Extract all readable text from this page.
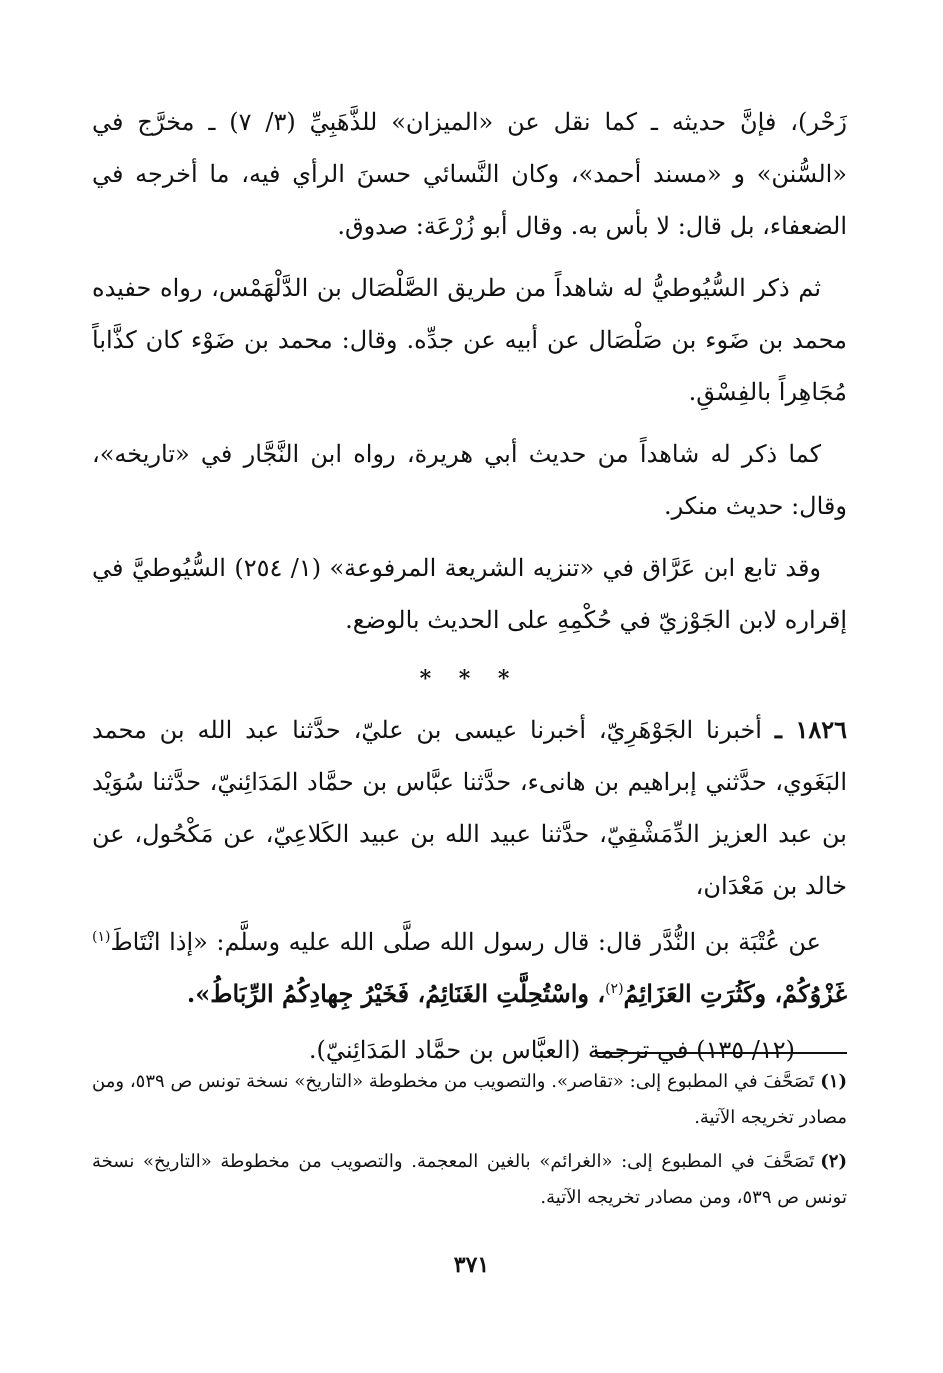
زَحْر)، فإنَّ حديثه ـ كما نقل عن «الميزان» للذَّهَبِيِّ (٣/ ٧) ـ مخرَّج في «السُّنن» و «مسند أحمد»، وكان النَّسائي حسنَ الرأي فيه، ما أخرجه في الضعفاء، بل قال: لا بأس به. وقال أبو زُرْعَة: صدوق.

ثم ذكر السُّيُوطيُّ له شاهداً من طريق الصَّلْصَال بن الدَّلْهَمْس، رواه حفيده محمد بن ضَوء بن صَلْصَال عن أبيه عن جدِّه. وقال: محمد بن ضَوْء كان كذَّاباً مُجَاهِراً بالفِسْقِ.

كما ذكر له شاهداً من حديث أبي هريرة، رواه ابن النَّجَّار في «تاريخه»، وقال: حديث منكر.

وقد تابع ابن عَرَّاق في «تنزيه الشريعة المرفوعة» (١/ ٢٥٤) السُّيُوطيَّ في إقراره لابن الجَوْزيّ في حُكْمِهِ على الحديث بالوضع.

* * *

١٨٢٦ ـ أخبرنا الجَوْهَرِيّ، أخبرنا عيسى بن عليّ، حدَّثنا عبد الله بن محمد البَغَوي، حدَّثني إبراهيم بن هانىء، حدَّثنا عبَّاس بن حمَّاد المَدَائِنيّ، حدَّثنا سُوَيْد بن عبد العزيز الدِّمَشْقِيّ، حدَّثنا عبيد الله بن عبيد الكَلاعِيّ، عن مَكْحُول، عن خالد بن مَعْدَان،

عن عُتْبَة بن النُّدَّر قال: قال رسول الله صلَّى الله عليه وسلَّم: «إذا انْتَاطَ$^{(١)}$ غَزْوُكُمْ، وكَثُرَتِ العَزَائِمُ$^{(٢)}$، واسْتُحِلَّتِ الغَنَائِمُ، فَخَيْرُ جِهادِكُمُ الرِّبَاطُ».

(١٢/ ١٣٥) في ترجمة (العبَّاس بن حمَّاد المَدَائِنيّ).

(١)تَصَحَّفَ في المطبوع إلى: «تقاصر». والتصويب من مخطوطة «التاريخ» نسخة تونس ص ٥٣٩، ومن مصادر تخريجه الآتية.

(٢)تَصَحَّفَ في المطبوع إلى: «الغرائم» بالغين المعجمة. والتصويب من مخطوطة «التاريخ» نسخة تونس ص ٥٣٩، ومن مصادر تخريجه الآتية.

٣٧١
